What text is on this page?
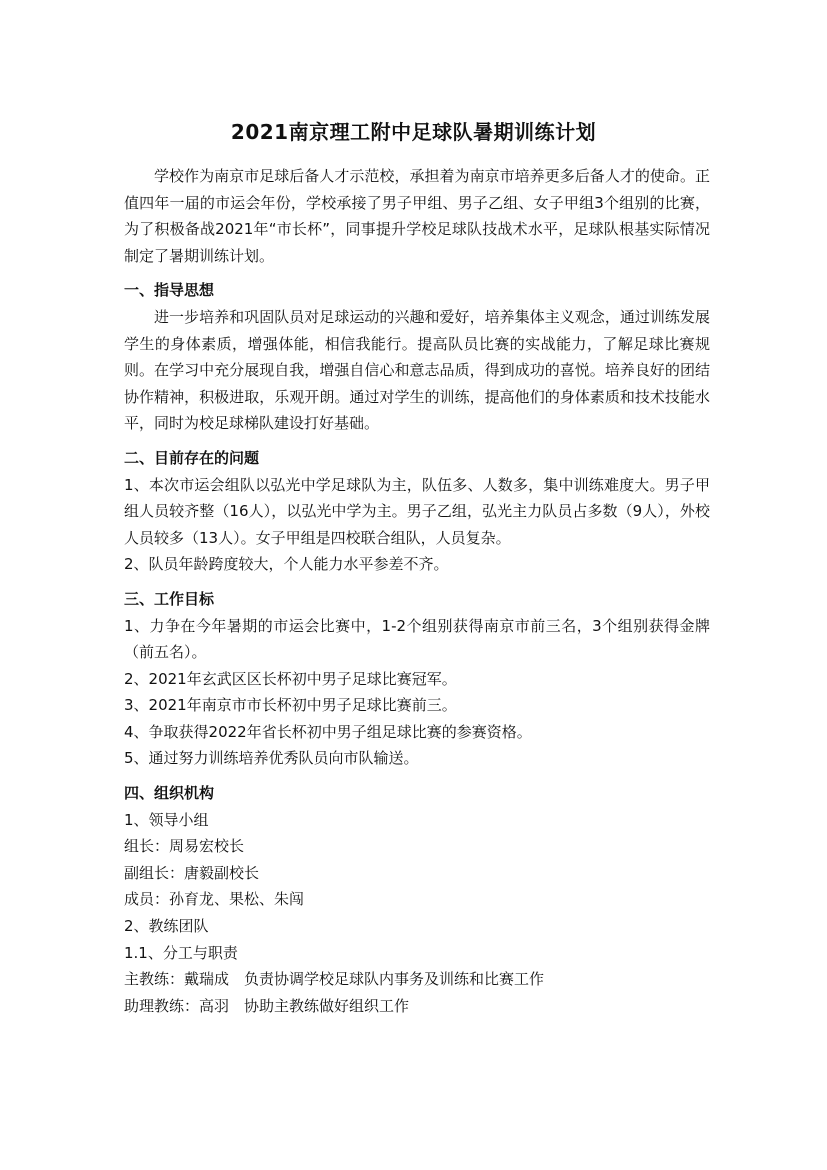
2021南京理工附中足球队暑期训练计划

学校作为南京市足球后备人才示范校，承担着为南京市培养更多后备人才的使命。正值四年一届的市运会年份，学校承接了男子甲组、男子乙组、女子甲组3个组别的比赛，为了积极备战2021年“市长杯”，同事提升学校足球队技战术水平，足球队根基实际情况制定了暑期训练计划。

一、指导思想

进一步培养和巩固队员对足球运动的兴趣和爱好，培养集体主义观念，通过训练发展学生的身体素质，增强体能，相信我能行。提高队员比赛的实战能力，了解足球比赛规则。在学习中充分展现自我，增强自信心和意志品质，得到成功的喜悦。培养良好的团结协作精神，积极进取，乐观开朗。通过对学生的训练，提高他们的身体素质和技术技能水平，同时为校足球梯队建设打好基础。

二、目前存在的问题

1、本次市运会组队以弘光中学足球队为主，队伍多、人数多，集中训练难度大。男子甲组人员较齐整（16人），以弘光中学为主。男子乙组，弘光主力队员占多数（9人），外校人员较多（13人）。女子甲组是四校联合组队，人员复杂。

2、队员年龄跨度较大，个人能力水平参差不齐。

三、工作目标

1、力争在今年暑期的市运会比赛中，1-2个组别获得南京市前三名，3个组别获得金牌（前五名）。

2、2021年玄武区区长杯初中男子足球比赛冠军。

3、2021年南京市市长杯初中男子足球比赛前三。

4、争取获得2022年省长杯初中男子组足球比赛的参赛资格。

5、通过努力训练培养优秀队员向市队输送。

四、组织机构

1、领导小组

组长：周易宏校长

副组长：唐毅副校长

成员：孙育龙、果松、朱闯

2、教练团队

1.1、分工与职责

主教练：戴瑞成　负责协调学校足球队内事务及训练和比赛工作

助理教练：高羽　协助主教练做好组织工作
